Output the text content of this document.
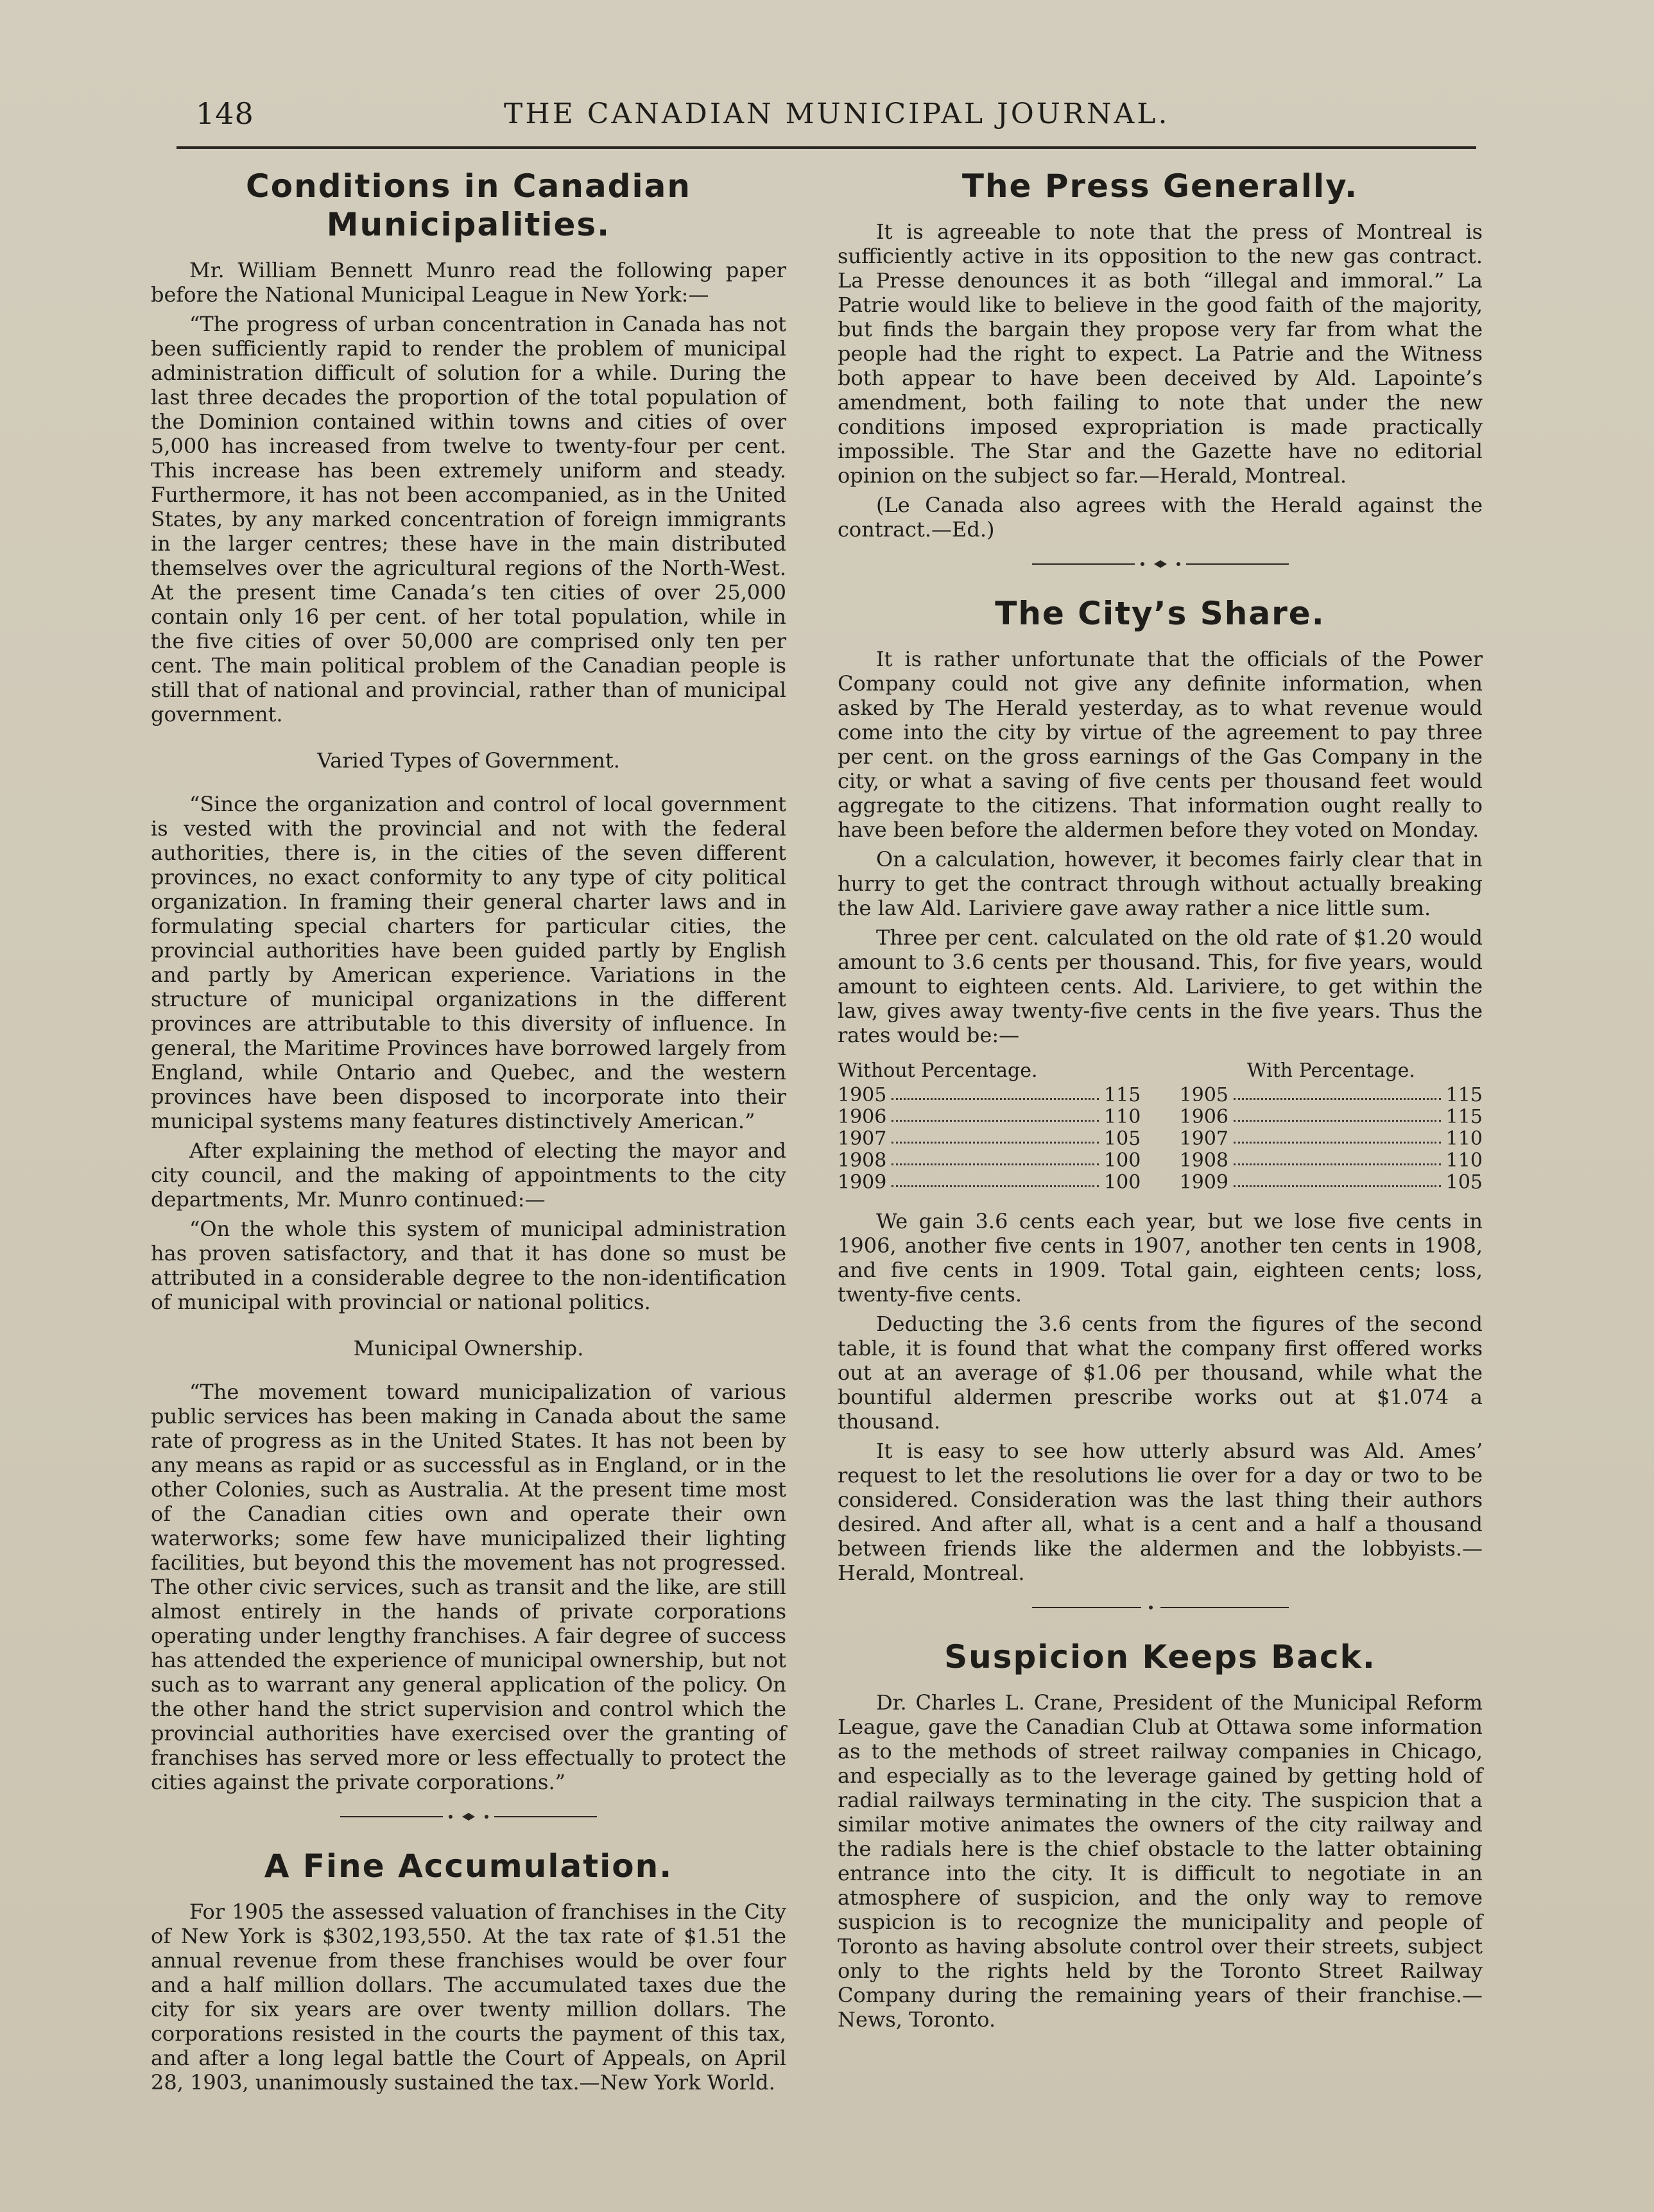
148	THE CANADIAN MUNICIPAL JOURNAL.
Conditions in Canadian Municipalities.

Mr. William Bennett Munro read the following paper before the National Municipal League in New York:—

“The progress of urban concentration in Canada has not been sufficiently rapid to render the problem of municipal administration difficult of solution for a while. During the last three decades the proportion of the total population of the Dominion contained within towns and cities of over 5,000 has increased from twelve to twenty-four per cent. This increase has been extremely uniform and steady. Furthermore, it has not been accompanied, as in the United States, by any marked concentration of foreign immigrants in the larger centres; these have in the main distributed themselves over the agricultural regions of the North-West. At the present time Canada’s ten cities of over 25,000 contain only 16 per cent. of her total population, while in the five cities of over 50,000 are comprised only ten per cent. The main political problem of the Canadian people is still that of national and provincial, rather than of municipal government.

Varied Types of Government.

“Since the organization and control of local government is vested with the provincial and not with the federal authorities, there is, in the cities of the seven different provinces, no exact conformity to any type of city political organization. In framing their general charter laws and in formulating special charters for particular cities, the provincial authorities have been guided partly by English and partly by American experience. Variations in the structure of municipal organizations in the different provinces are attributable to this diversity of influence. In general, the Maritime Provinces have borrowed largely from England, while Ontario and Quebec, and the western provinces have been disposed to incorporate into their municipal systems many features distinctively American.”

After explaining the method of electing the mayor and city council, and the making of appointments to the city departments, Mr. Munro continued:—

“On the whole this system of municipal administration has proven satisfactory, and that it has done so must be attributed in a considerable degree to the non-identification of municipal with provincial or national politics.

Municipal Ownership.

“The movement toward municipalization of various public services has been making in Canada about the same rate of progress as in the United States. It has not been by any means as rapid or as successful as in England, or in the other Colonies, such as Australia. At the present time most of the Canadian cities own and operate their own waterworks; some few have municipalized their lighting facilities, but beyond this the movement has not progressed. The other civic services, such as transit and the like, are still almost entirely in the hands of private corporations operating under lengthy franchises. A fair degree of success has attended the experience of municipal ownership, but not such as to warrant any general application of the policy. On the other hand the strict supervision and control which the provincial authorities have exercised over the granting of franchises has served more or less effectually to protect the cities against the private corporations.”

A Fine Accumulation.

For 1905 the assessed valuation of franchises in the City of New York is $302,193,550. At the tax rate of $1.51 the annual revenue from these franchises would be over four and a half million dollars. The accumulated taxes due the city for six years are over twenty million dollars. The corporations resisted in the courts the payment of this tax, and after a long legal battle the Court of Appeals, on April 28, 1903, unanimously sustained the tax.—New York World.

The Press Generally.

It is agreeable to note that the press of Montreal is sufficiently active in its opposition to the new gas contract. La Presse denounces it as both “illegal and immoral.” La Patrie would like to believe in the good faith of the majority, but finds the bargain they propose very far from what the people had the right to expect. La Patrie and the Witness both appear to have been deceived by Ald. Lapointe’s amendment, both failing to note that under the new conditions imposed expropriation is made practically impossible. The Star and the Gazette have no editorial opinion on the subject so far.—Herald, Montreal.

(Le Canada also agrees with the Herald against the contract.—Ed.)

The City’s Share.

It is rather unfortunate that the officials of the Power Company could not give any definite information, when asked by The Herald yesterday, as to what revenue would come into the city by virtue of the agreement to pay three per cent. on the gross earnings of the Gas Company in the city, or what a saving of five cents per thousand feet would aggregate to the citizens. That information ought really to have been before the aldermen before they voted on Monday.

On a calculation, however, it becomes fairly clear that in hurry to get the contract through without actually breaking the law Ald. Lariviere gave away rather a nice little sum.

Three per cent. calculated on the old rate of $1.20 would amount to 3.6 cents per thousand. This, for five years, would amount to eighteen cents. Ald. Lariviere, to get within the law, gives away twenty-five cents in the five years. Thus the rates would be:—

Without Percentage.
1905	115
1906	110
1907	105
1908	100
1909	100
With Percentage.
1905	115
1906	115
1907	110
1908	110
1909	105

We gain 3.6 cents each year, but we lose five cents in 1906, another five cents in 1907, another ten cents in 1908, and five cents in 1909. Total gain, eighteen cents; loss, twenty-five cents.

Deducting the 3.6 cents from the figures of the second table, it is found that what the company first offered works out at an average of $1.06 per thousand, while what the bountiful aldermen prescribe works out at $1.074 a thousand.

It is easy to see how utterly absurd was Ald. Ames’ request to let the resolutions lie over for a day or two to be considered. Consideration was the last thing their authors desired. And after all, what is a cent and a half a thousand between friends like the aldermen and the lobbyists.—Herald, Montreal.

Suspicion Keeps Back.

Dr. Charles L. Crane, President of the Municipal Reform League, gave the Canadian Club at Ottawa some information as to the methods of street railway companies in Chicago, and especially as to the leverage gained by getting hold of radial railways terminating in the city. The suspicion that a similar motive animates the owners of the city railway and the radials here is the chief obstacle to the latter obtaining entrance into the city. It is difficult to negotiate in an atmosphere of suspicion, and the only way to remove suspicion is to recognize the municipality and people of Toronto as having absolute control over their streets, subject only to the rights held by the Toronto Street Railway Company during the remaining years of their franchise.—News, Toronto.
